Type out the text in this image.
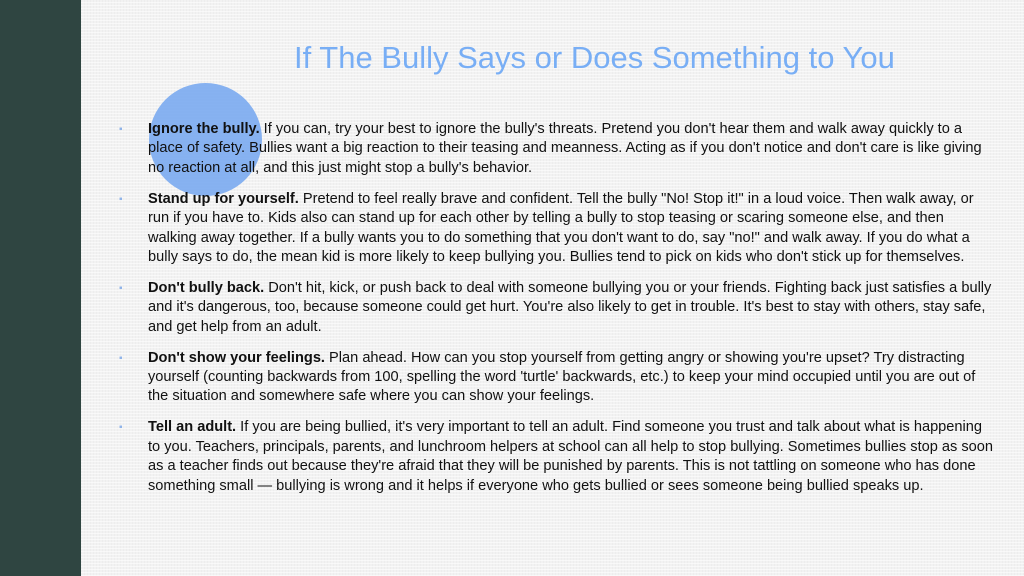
If The Bully Says or Does Something to You
▪ Ignore the bully. If you can, try your best to ignore the bully's threats. Pretend you don't hear them and walk away quickly to a place of safety. Bullies want a big reaction to their teasing and meanness. Acting as if you don't notice and don't care is like giving no reaction at all, and this just might stop a bully's behavior.
▪ Stand up for yourself. Pretend to feel really brave and confident. Tell the bully "No! Stop it!" in a loud voice. Then walk away, or run if you have to. Kids also can stand up for each other by telling a bully to stop teasing or scaring someone else, and then walking away together. If a bully wants you to do something that you don't want to do, say "no!" and walk away. If you do what a bully says to do, the mean kid is more likely to keep bullying you. Bullies tend to pick on kids who don't stick up for themselves.
▪ Don't bully back. Don't hit, kick, or push back to deal with someone bullying you or your friends. Fighting back just satisfies a bully and it's dangerous, too, because someone could get hurt. You're also likely to get in trouble. It's best to stay with others, stay safe, and get help from an adult.
▪ Don't show your feelings. Plan ahead. How can you stop yourself from getting angry or showing you're upset? Try distracting yourself (counting backwards from 100, spelling the word 'turtle' backwards, etc.) to keep your mind occupied until you are out of the situation and somewhere safe where you can show your feelings.
▪ Tell an adult. If you are being bullied, it's very important to tell an adult. Find someone you trust and talk about what is happening to you. Teachers, principals, parents, and lunchroom helpers at school can all help to stop bullying. Sometimes bullies stop as soon as a teacher finds out because they're afraid that they will be punished by parents. This is not tattling on someone who has done something small — bullying is wrong and it helps if everyone who gets bullied or sees someone being bullied speaks up.
